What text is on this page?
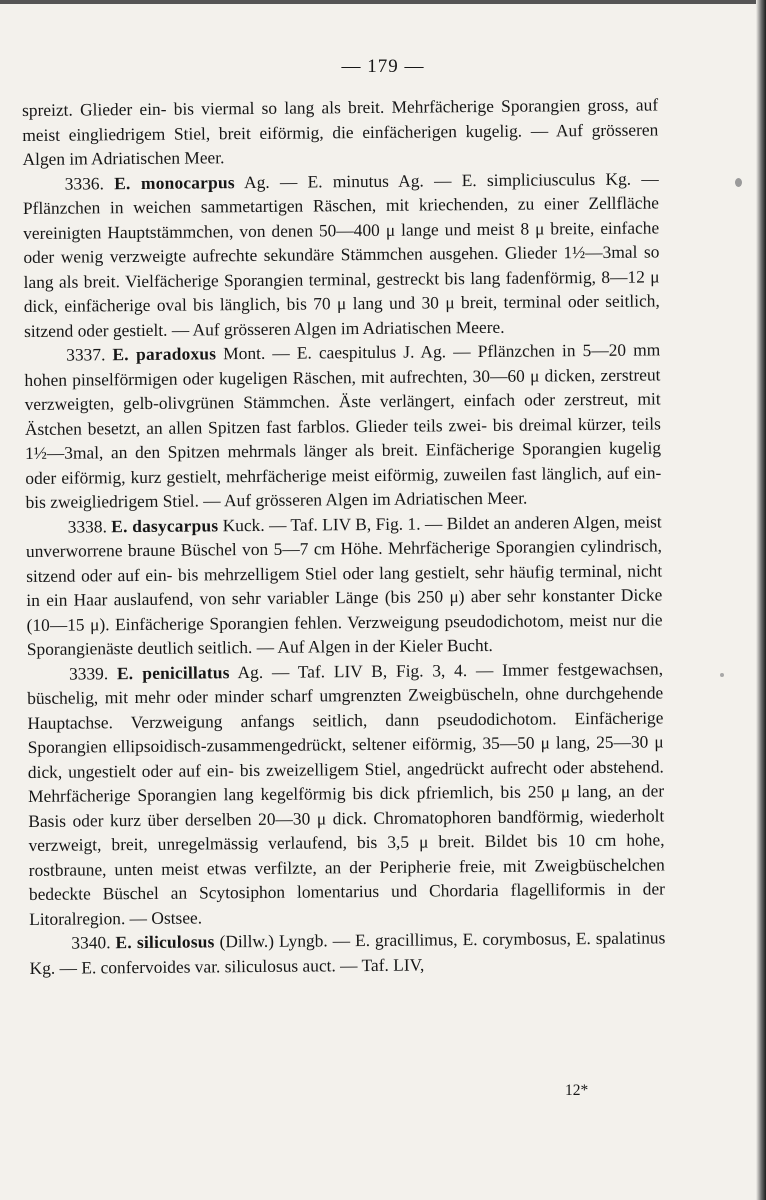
— 179 —

spreizt. Glieder ein- bis viermal so lang als breit. Mehrfächerige Sporangien gross, auf meist eingliedrigem Stiel, breit eiförmig, die einfächerigen kugelig. — Auf grösseren Algen im Adriatischen Meer.

3336. E. monocarpus Ag. — E. minutus Ag. — E. simpliciusculus Kg. — Pflänzchen in weichen sammetartigen Räschen, mit kriechenden, zu einer Zellfläche vereinigten Hauptstämmchen, von denen 50—400 μ lange und meist 8 μ breite, einfache oder wenig verzweigte aufrechte sekundäre Stämmchen ausgehen. Glieder 1½—3mal so lang als breit. Vielfächerige Sporangien terminal, gestreckt bis lang fadenförmig, 8—12 μ dick, einfächerige oval bis länglich, bis 70 μ lang und 30 μ breit, terminal oder seitlich, sitzend oder gestielt. — Auf grösseren Algen im Adriatischen Meere.

3337. E. paradoxus Mont. — E. caespitulus J. Ag. — Pflänzchen in 5—20 mm hohen pinselförmigen oder kugeligen Räschen, mit aufrechten, 30—60 μ dicken, zerstreut verzweigten, gelb-olivgrünen Stämmchen. Äste verlängert, einfach oder zerstreut, mit Ästchen besetzt, an allen Spitzen fast farblos. Glieder teils zwei- bis dreimal kürzer, teils 1½—3mal, an den Spitzen mehrmals länger als breit. Einfächerige Sporangien kugelig oder eiförmig, kurz gestielt, mehrfächerige meist eiförmig, zuweilen fast länglich, auf ein- bis zweigliedrigem Stiel. — Auf grösseren Algen im Adriatischen Meer.

3338. E. dasycarpus Kuck. — Taf. LIV B, Fig. 1. — Bildet an anderen Algen, meist unverworrene braune Büschel von 5—7 cm Höhe. Mehrfächerige Sporangien cylindrisch, sitzend oder auf ein- bis mehrzelligem Stiel oder lang gestielt, sehr häufig terminal, nicht in ein Haar auslaufend, von sehr variabler Länge (bis 250 μ) aber sehr konstanter Dicke (10—15 μ). Einfächerige Sporangien fehlen. Verzweigung pseudodichotom, meist nur die Sporangienäste deutlich seitlich. — Auf Algen in der Kieler Bucht.

3339. E. penicillatus Ag. — Taf. LIV B, Fig. 3, 4. — Immer festgewachsen, büschelig, mit mehr oder minder scharf umgrenzten Zweigbüscheln, ohne durchgehende Hauptachse. Verzweigung anfangs seitlich, dann pseudodichotom. Einfächerige Sporangien ellipsoidisch-zusammengedrückt, seltener eiförmig, 35—50 μ lang, 25—30 μ dick, ungestielt oder auf ein- bis zweizelligem Stiel, angedrückt aufrecht oder abstehend. Mehrfächerige Sporangien lang kegelförmig bis dick pfriemlich, bis 250 μ lang, an der Basis oder kurz über derselben 20—30 μ dick. Chromatophoren bandförmig, wiederholt verzweigt, breit, unregelmässig verlaufend, bis 3,5 μ breit. Bildet bis 10 cm hohe, rostbraune, unten meist etwas verfilzte, an der Peripherie freie, mit Zweigbüschelchen bedeckte Büschel an Scytosiphon lomentarius und Chordaria flagelliformis in der Litoralregion. — Ostsee.

3340. E. siliculosus (Dillw.) Lyngb. — E. gracillimus, E. corymbosus, E. spalatinus Kg. — E. confervoides var. siliculosus auct. — Taf. LIV,

12*
